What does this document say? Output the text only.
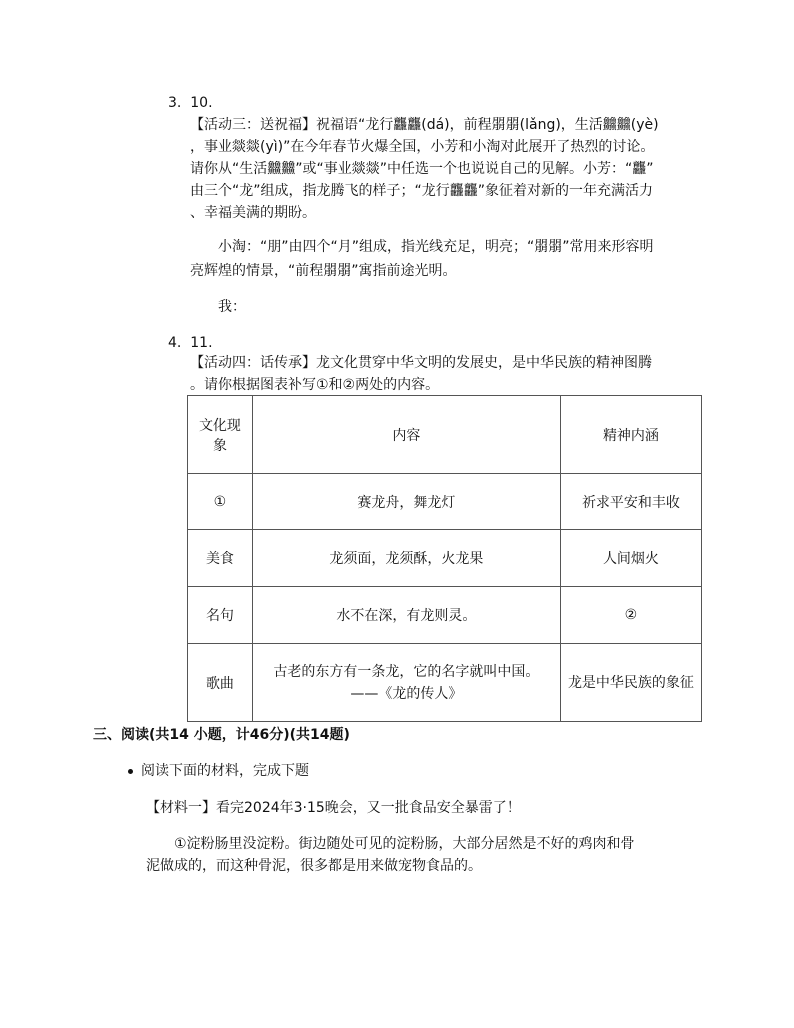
3. 10.
【活动三：送祝福】祝福语“龙行龘龘(dá)，前程朤朤(lǎng)，生活䲜䲜(yè)
，事业燚燚(yì)”在今年春节火爆全国，小芳和小淘对此展开了热烈的讨论。
请你从“生活䲜䲜”或“事业燚燚”中任选一个也说说自己的见解。小芳：“龘”
由三个“龙”组成，指龙腾飞的样子；“龙行龘龘”象征着对新的一年充满活力
、幸福美满的期盼。
小淘：“朋”由四个“月”组成，指光线充足，明亮；“朤朤”常用来形容明
亮辉煌的情景，“前程朤朤”寓指前途光明。
我：
4. 11.
【活动四：话传承】龙文化贯穿中华文明的发展史，是中华民族的精神图腾
。请你根据图表补写①和②两处的内容。
文化现象	内容	精神内涵
①	赛龙舟，舞龙灯	祈求平安和丰收
美食	龙须面，龙须酥，火龙果	人间烟火
名句	水不在深，有龙则灵。	②
歌曲	古老的东方有一条龙，它的名字就叫中国。
——《龙的传人》	龙是中华民族的象征
三、阅读(共14 小题，计46分)(共14题)
阅读下面的材料，完成下题
【材料一】看完2024年3·15晚会，又一批食品安全暴雷了！
①淀粉肠里没淀粉。街边随处可见的淀粉肠，大部分居然是不好的鸡肉和骨
泥做成的，而这种骨泥，很多都是用来做宠物食品的。
